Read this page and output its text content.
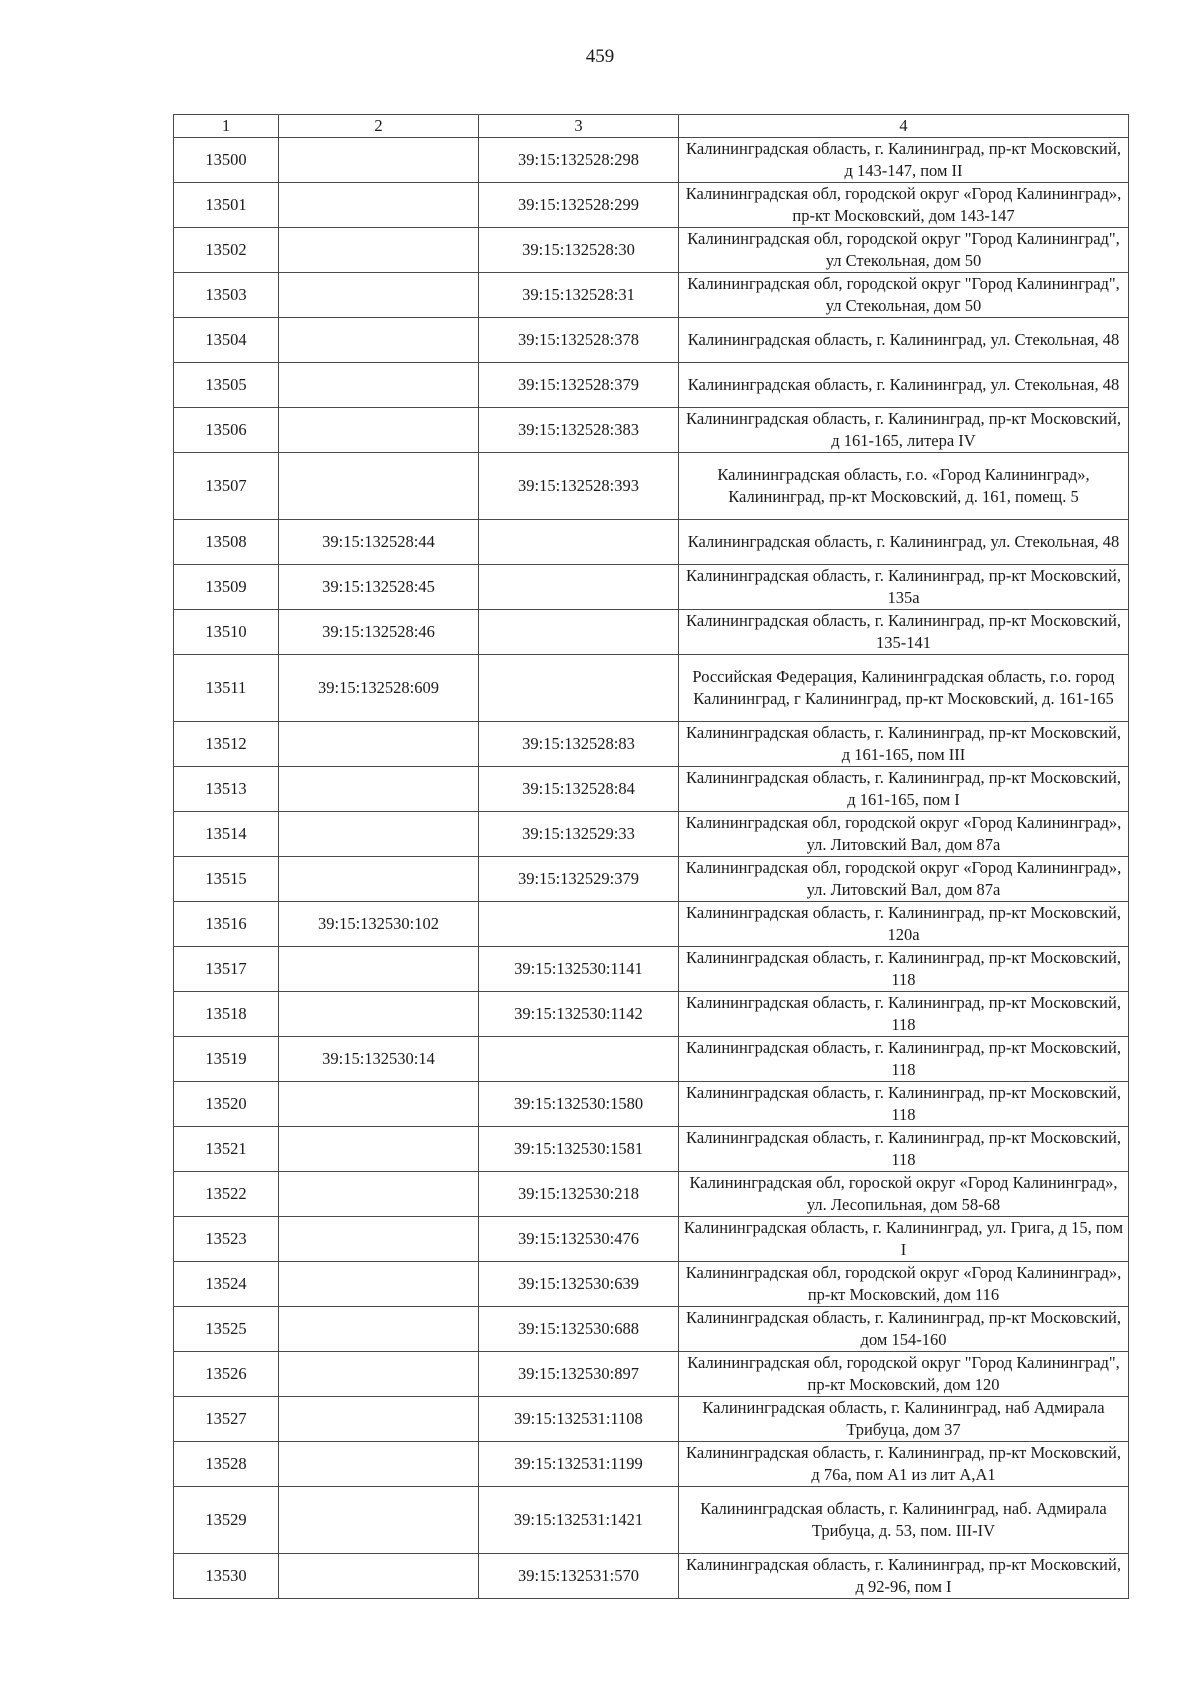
459
1	2	3	4
13500		39:15:132528:298	Калининградская область, г. Калининград, пр-кт Московский, д 143-147, пом II
13501		39:15:132528:299	Калининградская обл, городской округ «Город Калининград», пр-кт Московский, дом 143-147
13502		39:15:132528:30	Калининградская обл, городской округ "Город Калининград", ул Стекольная, дом 50
13503		39:15:132528:31	Калининградская обл, городской округ "Город Калининград", ул Стекольная, дом 50
13504		39:15:132528:378	Калининградская область, г. Калининград, ул. Стекольная, 48
13505		39:15:132528:379	Калининградская область, г. Калининград, ул. Стекольная, 48
13506		39:15:132528:383	Калининградская область, г. Калининград, пр-кт Московский, д 161-165, литера IV
13507		39:15:132528:393	Калининградская область, г.о. «Город Калининград», Калининград, пр-кт Московский, д. 161, помещ. 5
13508	39:15:132528:44		Калининградская область, г. Калининград, ул. Стекольная, 48
13509	39:15:132528:45		Калининградская область, г. Калининград, пр-кт Московский, 135а
13510	39:15:132528:46		Калининградская область, г. Калининград, пр-кт Московский, 135-141
13511	39:15:132528:609		Российская Федерация, Калининградская область, г.о. город Калининград, г Калининград, пр-кт Московский, д. 161-165
13512		39:15:132528:83	Калининградская область, г. Калининград, пр-кт Московский, д 161-165, пом III
13513		39:15:132528:84	Калининградская область, г. Калининград, пр-кт Московский, д 161-165, пом I
13514		39:15:132529:33	Калининградская обл, городской округ «Город Калининград», ул. Литовский Вал, дом 87а
13515		39:15:132529:379	Калининградская обл, городской округ «Город Калининград», ул. Литовский Вал, дом 87а
13516	39:15:132530:102		Калининградская область, г. Калининград, пр-кт Московский, 120а
13517		39:15:132530:1141	Калининградская область, г. Калининград, пр-кт Московский, 118
13518		39:15:132530:1142	Калининградская область, г. Калининград, пр-кт Московский, 118
13519	39:15:132530:14		Калининградская область, г. Калининград, пр-кт Московский, 118
13520		39:15:132530:1580	Калининградская область, г. Калининград, пр-кт Московский, 118
13521		39:15:132530:1581	Калининградская область, г. Калининград, пр-кт Московский, 118
13522		39:15:132530:218	Калининградская обл, гороской округ «Город Калининград», ул. Лесопильная, дом 58-68
13523		39:15:132530:476	Калининградская область, г. Калининград, ул. Грига, д 15, пом I
13524		39:15:132530:639	Калининградская обл, городской округ «Город Калининград», пр-кт Московский, дом 116
13525		39:15:132530:688	Калининградская область, г. Калининград, пр-кт Московский, дом 154-160
13526		39:15:132530:897	Калининградская обл, городской округ "Город Калининград", пр-кт Московский, дом 120
13527		39:15:132531:1108	Калининградская область, г. Калининград, наб Адмирала Трибуца, дом 37
13528		39:15:132531:1199	Калининградская область, г. Калининград, пр-кт Московский, д 76а, пом А1 из лит А,А1
13529		39:15:132531:1421	Калининградская область, г. Калининград, наб. Адмирала Трибуца, д. 53, пом. III-IV
13530		39:15:132531:570	Калининградская область, г. Калининград, пр-кт Московский, д 92-96, пом I
